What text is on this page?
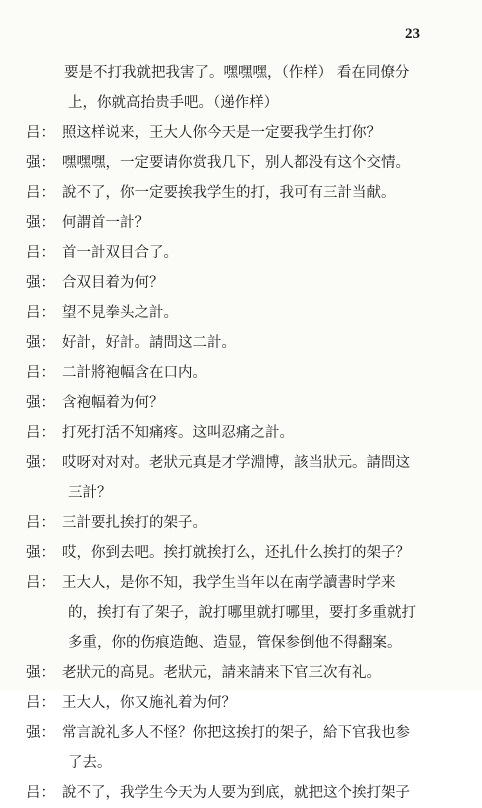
23
要是不打我就把我害了。嘿嘿嘿，（作样） 看在同僚分
上，你就高抬贵手吧。（递作样）
吕： 照这样说来，王大人你今天是一定要我学生打你？
强： 嘿嘿嘿，一定要请你赏我几下，别人都没有这个交情。
吕： 說不了，你一定要挨我学生的打，我可有三計当献。
强： 何謂首一計？
吕： 首一計双目合了。
强： 合双目着为何？
吕： 望不見拳头之計。
强： 好計，好計。請問这二計。
吕： 二計將袍幅含在口内。
强： 含袍幅着为何？
吕： 打死打活不知痛疼。这叫忍痛之計。
强： 哎呀对对对。老狀元真是才学淵博，該当狀元。請問这
三計？
吕： 三計要扎挨打的架子。
强： 哎，你到去吧。挨打就挨打么，还扎什么挨打的架子？
吕： 王大人，是你不知，我学生当年以在南学讀書时学来
的，挨打有了架子，說打哪里就打哪里，要打多重就打
多重，你的伤痕造飽、造显，管保参倒他不得翻案。
强： 老狀元的高見。老狀元，請来請来下官三次有礼。
吕： 王大人，你又施礼着为何？
强： 常言說礼多人不怪？你把这挨打的架子，給下官我也参
了去。
吕： 說不了，我学生今天为人要为到底，就把这个挨打架子
